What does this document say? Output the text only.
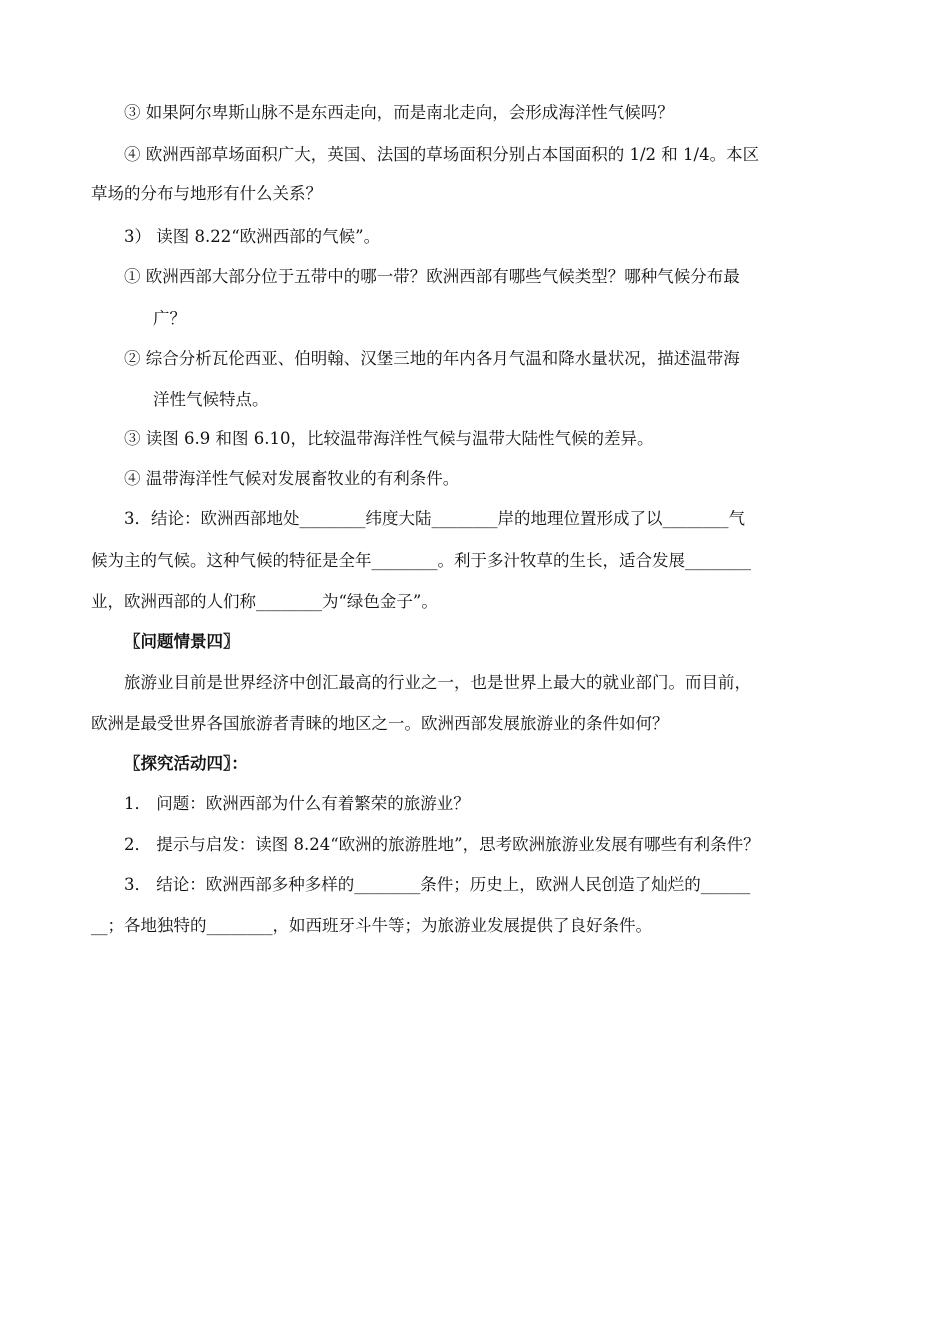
③ 如果阿尔卑斯山脉不是东西走向，而是南北走向，会形成海洋性气候吗？
④ 欧洲西部草场面积广大，英国、法国的草场面积分别占本国面积的 1/2 和 1/4。本区
草场的分布与地形有什么关系？
3） 读图 8.22“欧洲西部的气候”。
① 欧洲西部大部分位于五带中的哪一带？欧洲西部有哪些气候类型？哪种气候分布最
广？
② 综合分析瓦伦西亚、伯明翰、汉堡三地的年内各月气温和降水量状况，描述温带海
洋性气候特点。
③ 读图 6.9 和图 6.10，比较温带海洋性气候与温带大陆性气候的差异。
④ 温带海洋性气候对发展畜牧业的有利条件。
3．结论：欧洲西部地处________纬度大陆________岸的地理位置形成了以________气
候为主的气候。这种气候的特征是全年________。利于多汁牧草的生长，适合发展________
业，欧洲西部的人们称________为“绿色金子”。
〖问题情景四〗
旅游业目前是世界经济中创汇最高的行业之一，也是世界上最大的就业部门。而目前，
欧洲是最受世界各国旅游者青睐的地区之一。欧洲西部发展旅游业的条件如何？
〖探究活动四〗：
1． 问题：欧洲西部为什么有着繁荣的旅游业？
2． 提示与启发：读图 8.24“欧洲的旅游胜地”，思考欧洲旅游业发展有哪些有利条件？
3． 结论：欧洲西部多种多样的________条件；历史上，欧洲人民创造了灿烂的______
__；各地独特的________，如西班牙斗牛等；为旅游业发展提供了良好条件。
